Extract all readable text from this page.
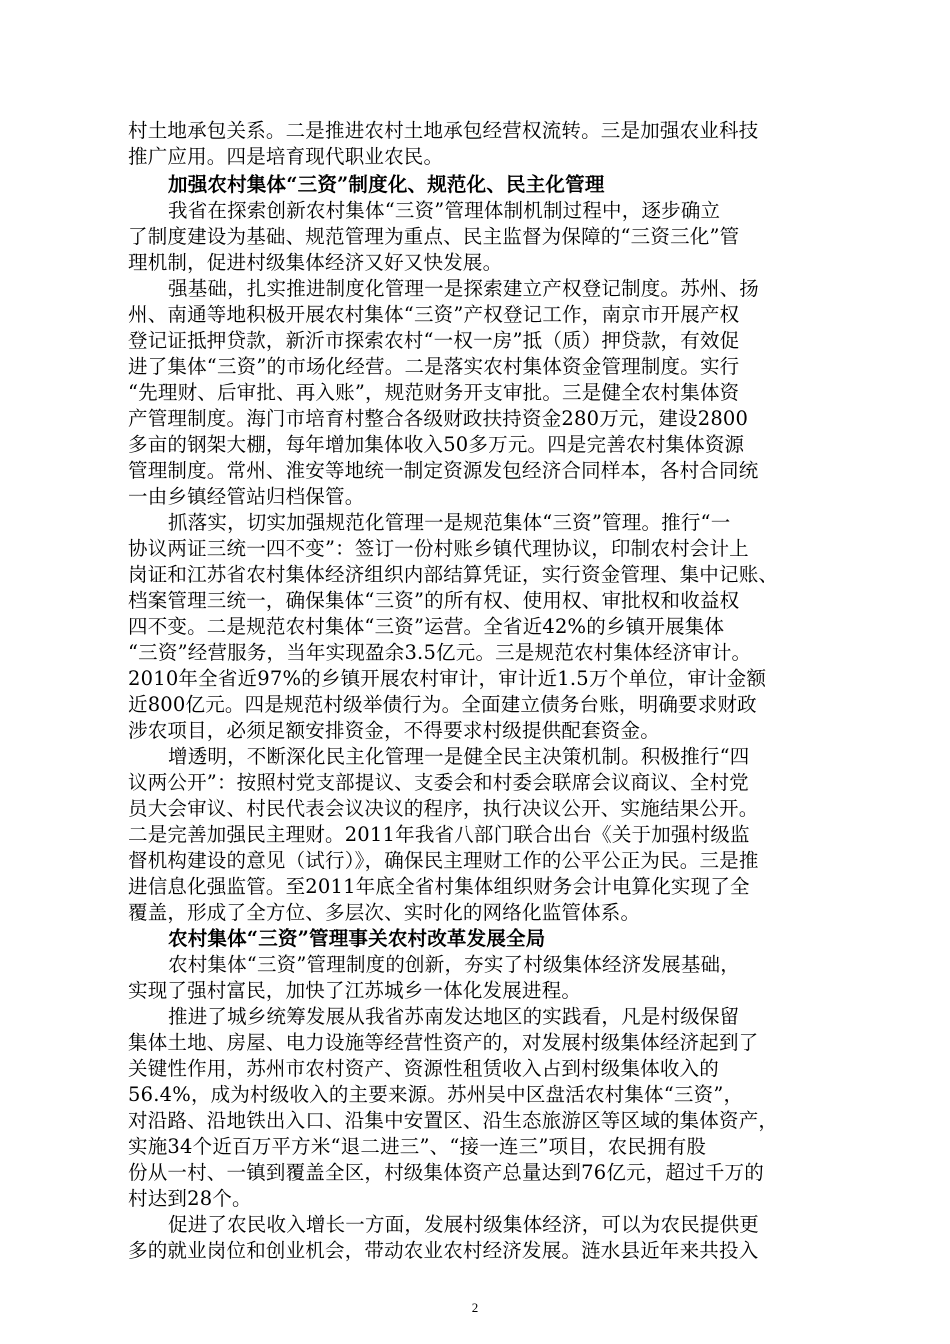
村土地承包关系。二是推进农村土地承包经营权流转。三是加强农业科技
推广应用。四是培育现代职业农民。
加强农村集体“三资”制度化、规范化、民主化管理
我省在探索创新农村集体“三资”管理体制机制过程中，逐步确立
了制度建设为基础、规范管理为重点、民主监督为保障的“三资三化”管
理机制，促进村级集体经济又好又快发展。
强基础，扎实推进制度化管理一是探索建立产权登记制度。苏州、扬
州、南通等地积极开展农村集体“三资”产权登记工作，南京市开展产权
登记证抵押贷款，新沂市探索农村“一权一房”抵（质）押贷款，有效促
进了集体“三资”的市场化经营。二是落实农村集体资金管理制度。实行
“先理财、后审批、再入账”，规范财务开支审批。三是健全农村集体资
产管理制度。海门市培育村整合各级财政扶持资金280万元，建设2800
多亩的钢架大棚，每年增加集体收入50多万元。四是完善农村集体资源
管理制度。常州、淮安等地统一制定资源发包经济合同样本，各村合同统
一由乡镇经管站归档保管。
抓落实，切实加强规范化管理一是规范集体“三资”管理。推行“一
协议两证三统一四不变”：签订一份村账乡镇代理协议，印制农村会计上
岗证和江苏省农村集体经济组织内部结算凭证，实行资金管理、集中记账、
档案管理三统一，确保集体“三资”的所有权、使用权、审批权和收益权
四不变。二是规范农村集体“三资”运营。全省近42%的乡镇开展集体
“三资”经营服务，当年实现盈余3.5亿元。三是规范农村集体经济审计。
2010年全省近97%的乡镇开展农村审计，审计近1.5万个单位，审计金额
近800亿元。四是规范村级举债行为。全面建立债务台账，明确要求财政
涉农项目，必须足额安排资金，不得要求村级提供配套资金。
增透明，不断深化民主化管理一是健全民主决策机制。积极推行“四
议两公开”：按照村党支部提议、支委会和村委会联席会议商议、全村党
员大会审议、村民代表会议决议的程序，执行决议公开、实施结果公开。
二是完善加强民主理财。2011年我省八部门联合出台《关于加强村级监
督机构建设的意见（试行）》，确保民主理财工作的公平公正为民。三是推
进信息化强监管。至2011年底全省村集体组织财务会计电算化实现了全
覆盖，形成了全方位、多层次、实时化的网络化监管体系。
农村集体“三资”管理事关农村改革发展全局
农村集体“三资”管理制度的创新，夯实了村级集体经济发展基础，
实现了强村富民，加快了江苏城乡一体化发展进程。
推进了城乡统筹发展从我省苏南发达地区的实践看，凡是村级保留
集体土地、房屋、电力设施等经营性资产的，对发展村级集体经济起到了
关键性作用，苏州市农村资产、资源性租赁收入占到村级集体收入的
56.4%，成为村级收入的主要来源。苏州吴中区盘活农村集体“三资”，
对沿路、沿地铁出入口、沿集中安置区、沿生态旅游区等区域的集体资产，
实施34个近百万平方米“退二进三”、“接一连三”项目，农民拥有股
份从一村、一镇到覆盖全区，村级集体资产总量达到76亿元，超过千万的
村达到28个。
促进了农民收入增长一方面，发展村级集体经济，可以为农民提供更
多的就业岗位和创业机会，带动农业农村经济发展。涟水县近年来共投入
2
